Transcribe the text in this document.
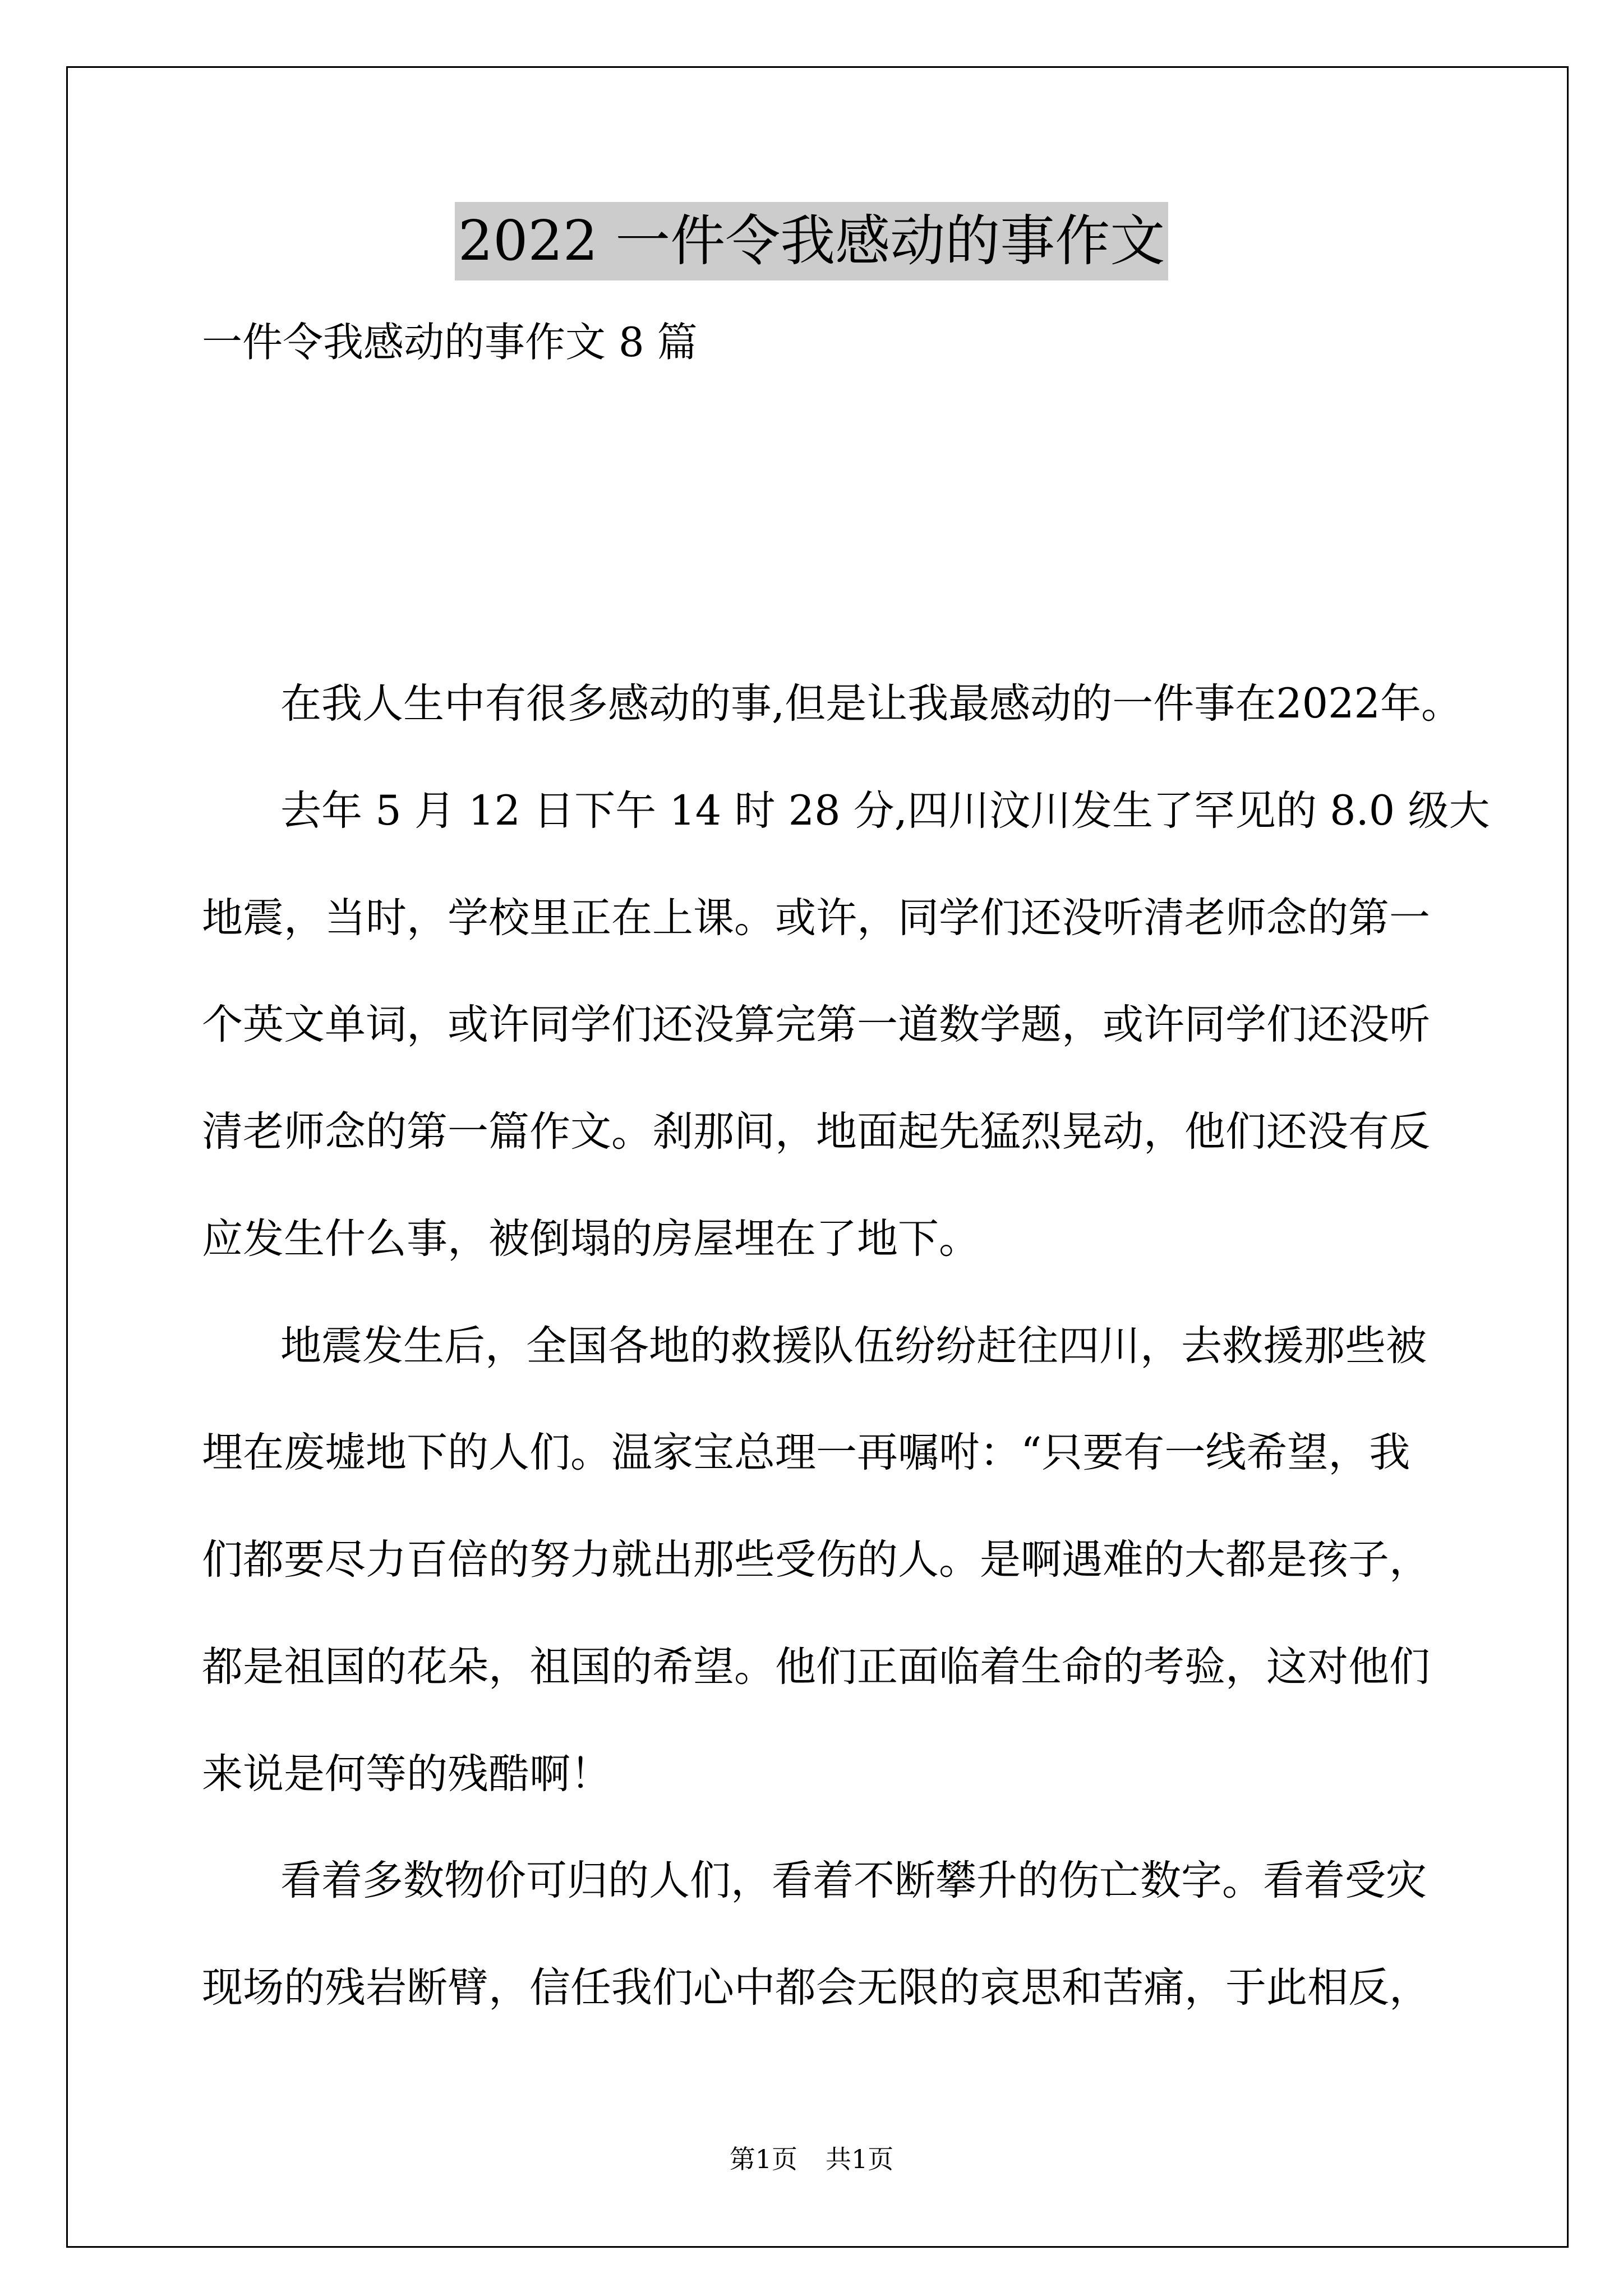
2022 一件令我感动的事作文
一件令我感动的事作文 8 篇

在我人生中有很多感动的事,但是让我最感动的一件事在2022年。

去年 5 月 12 日下午 14 时 28 分,四川汶川发生了罕见的 8.0 级大
地震，当时，学校里正在上课。或许，同学们还没听清老师念的第一
个英文单词，或许同学们还没算完第一道数学题，或许同学们还没听
清老师念的第一篇作文。刹那间，地面起先猛烈晃动，他们还没有反
应发生什么事，被倒塌的房屋埋在了地下。

地震发生后，全国各地的救援队伍纷纷赶往四川，去救援那些被
埋在废墟地下的人们。温家宝总理一再嘱咐：“只要有一线希望，我
们都要尽力百倍的努力就出那些受伤的人。是啊遇难的大都是孩子，
都是祖国的花朵，祖国的希望。他们正面临着生命的考验，这对他们
来说是何等的残酷啊！

看着多数物价可归的人们，看着不断攀升的伤亡数字。看着受灾
现场的残岩断臂，信任我们心中都会无限的哀思和苦痛，于此相反，

第1页 共1页
